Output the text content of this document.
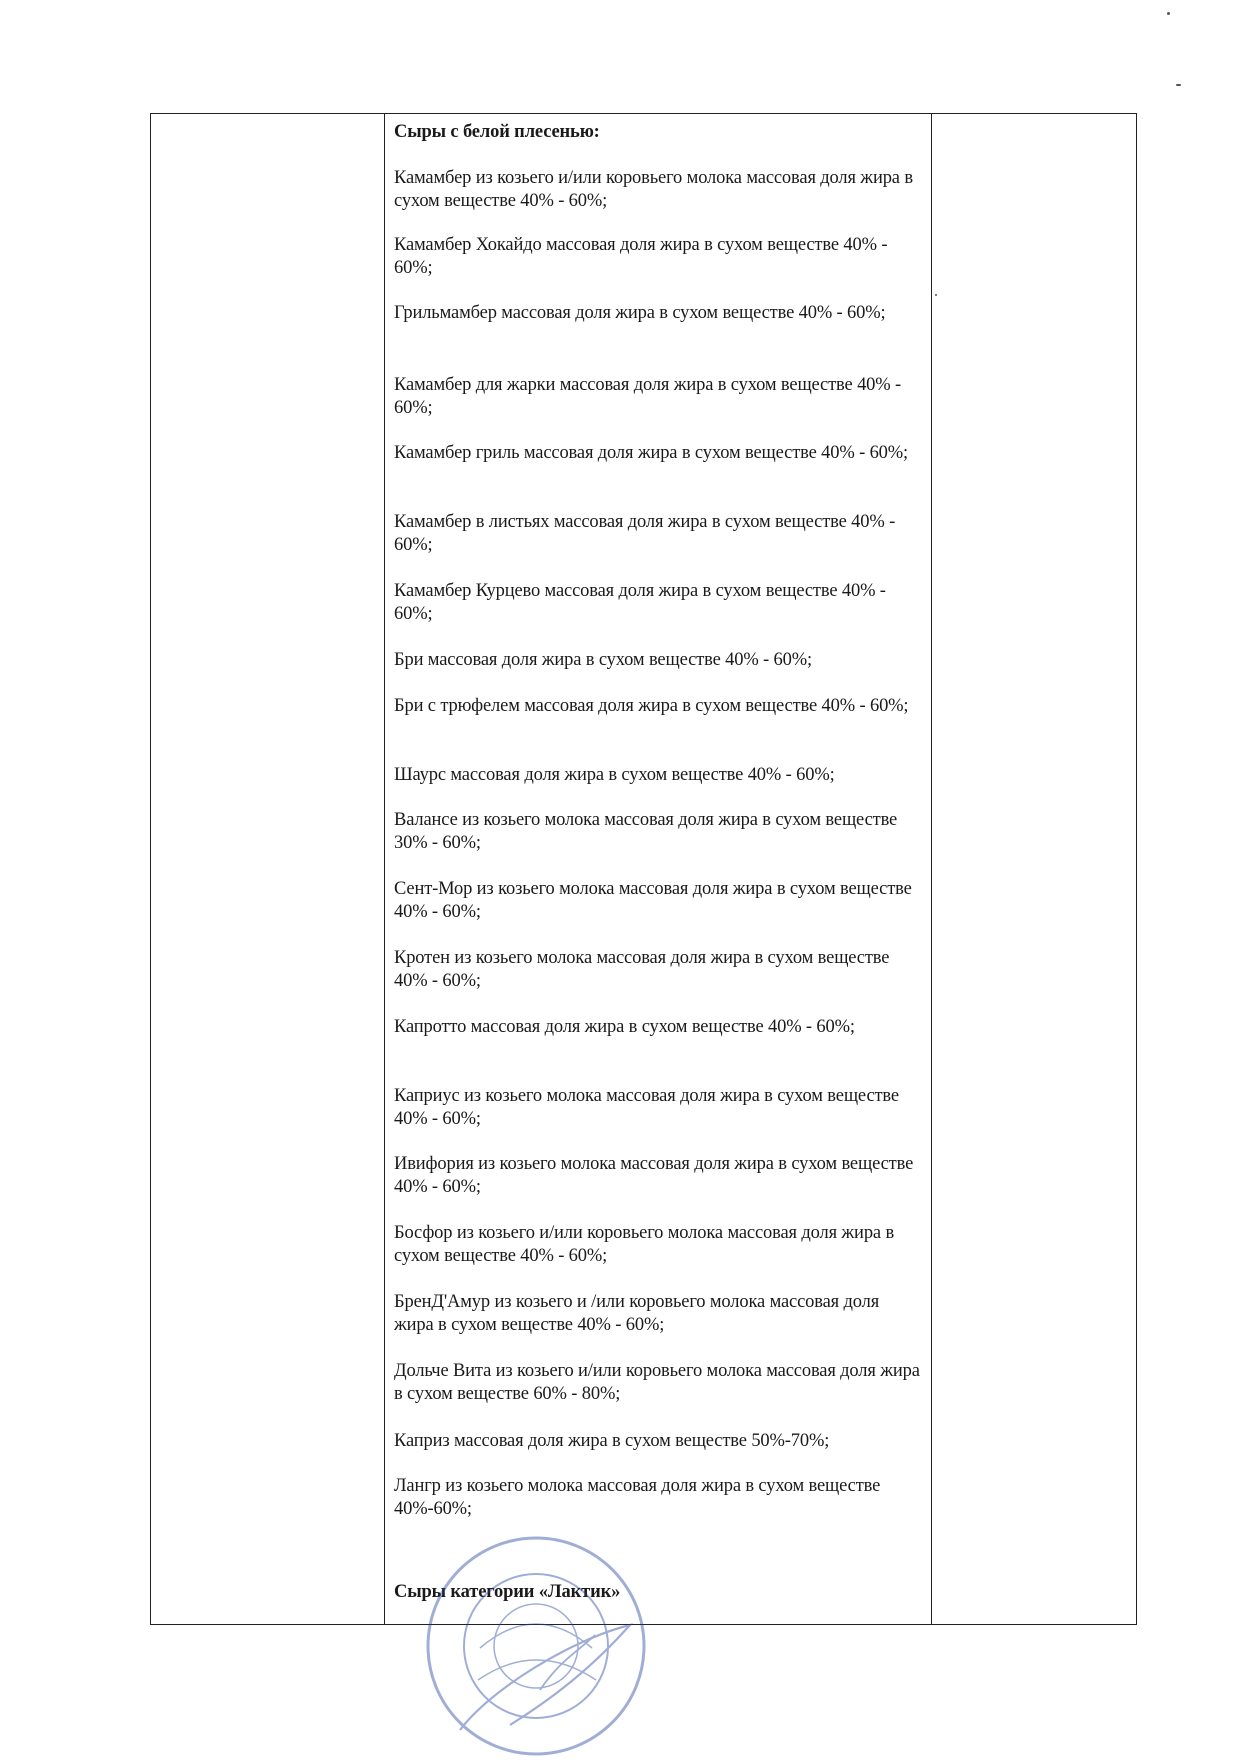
Сыры с белой плесенью:
Камамбер из козьего и/или коровьего молока массовая доля жира в сухом веществе 40% - 60%;
Камамбер Хокайдо массовая доля жира в сухом веществе 40% - 60%;
Грильмамбер массовая доля жира в сухом веществе 40% - 60%;
Камамбер для жарки массовая доля жира в сухом веществе 40% - 60%;
Камамбер гриль массовая доля жира в сухом веществе 40% - 60%;
Камамбер в листьях массовая доля жира в сухом веществе 40% - 60%;
Камамбер Курцево массовая доля жира в сухом веществе 40% - 60%;
Бри массовая доля жира в сухом веществе 40% - 60%;
Бри с трюфелем массовая доля жира в сухом веществе 40% - 60%;
Шаурс массовая доля жира в сухом веществе 40% - 60%;
Валансе из козьего молока массовая доля жира в сухом веществе 30% - 60%;
Сент-Мор из козьего молока массовая доля жира в сухом веществе 40% - 60%;
Кротен из козьего молока массовая доля жира в сухом веществе 40% - 60%;
Капротто массовая доля жира в сухом веществе 40% - 60%;
Каприус из козьего молока массовая доля жира в сухом веществе 40% - 60%;
Ивифория из козьего молока массовая доля жира в сухом веществе 40% - 60%;
Босфор из козьего и/или коровьего молока массовая доля жира в сухом веществе 40% - 60%;
БренД'Амур из козьего и /или коровьего молока массовая доля жира в сухом веществе 40% - 60%;
Дольче Вита из козьего и/или коровьего молока массовая доля жира в сухом веществе 60% - 80%;
Каприз массовая доля жира в сухом веществе 50%-70%;
Лангр из козьего молока массовая доля жира в сухом веществе 40%-60%;
Сыры категории «Лактик»
